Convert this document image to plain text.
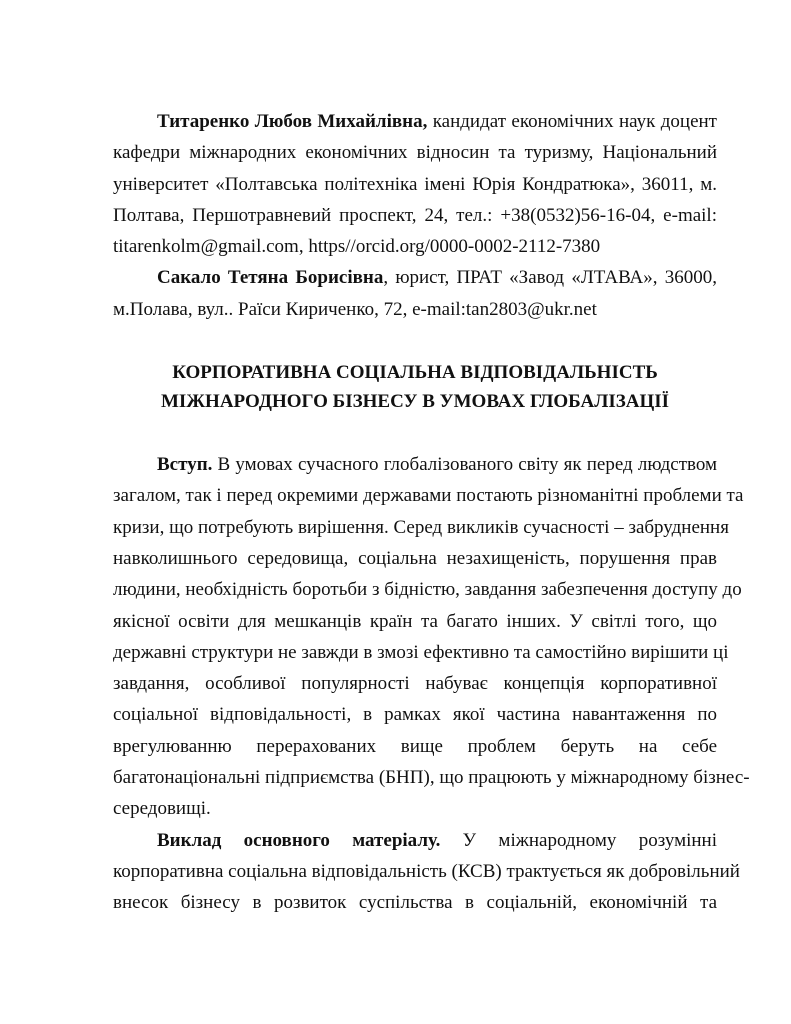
Титаренко Любов Михайлівна, кандидат економічних наук доцент
кафедри міжнародних економічних відносин та туризму, Національний
університет «Полтавська політехніка імені Юрія Кондратюка», 36011, м.
Полтава, Першотравневий проспект, 24, тел.: +38(0532)56-16-04, e-mail:
titarenkolm@gmail.com, https//orcid.org/0000-0002-2112-7380
Сакало Тетяна Борисівна, юрист, ПРАТ «Завод «ЛТАВА», 36000,
м.Полава, вул.. Раїси Кириченко, 72, e-mail:tan2803@ukr.net
КОРПОРАТИВНА СОЦІАЛЬНА ВІДПОВІДАЛЬНІСТЬ
МІЖНАРОДНОГО БІЗНЕСУ В УМОВАХ ГЛОБАЛІЗАЦІЇ
Вступ. В умовах сучасного глобалізованого світу як перед людством
загалом, так і перед окремими державами постають різноманітні проблеми та
кризи, що потребують вирішення. Серед викликів сучасності – забруднення
навколишнього середовища, соціальна незахищеність, порушення прав
людини, необхідність боротьби з бідністю, завдання забезпечення доступу до
якісної освіти для мешканців країн та багато інших. У світлі того, що
державні структури не завжди в змозі ефективно та самостійно вирішити ці
завдання, особливої популярності набуває концепція корпоративної
соціальної відповідальності, в рамках якої частина навантаження по
врегулюванню перерахованих вище проблем беруть на себе
багатонаціональні підприємства (БНП), що працюють у міжнародному бізнес-
середовищі.
Виклад основного матеріалу. У міжнародному розумінні
корпоративна соціальна відповідальність (КСВ) трактується як добровільний
внесок бізнесу в розвиток суспільства в соціальній, економічній та
